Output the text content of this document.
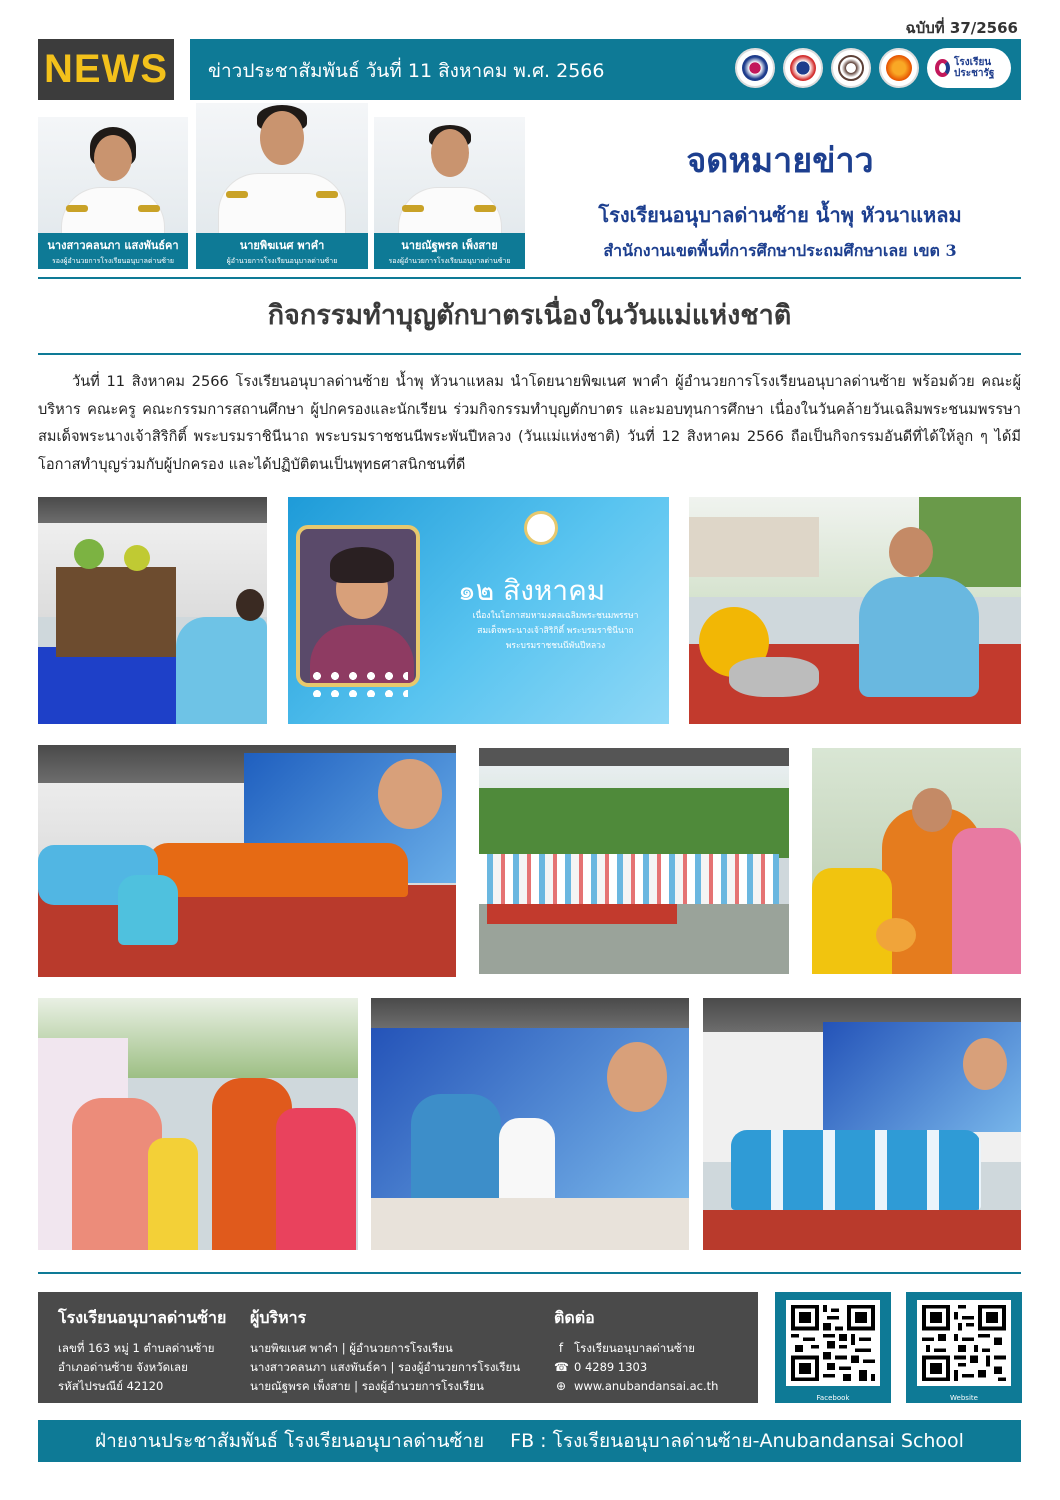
ฉบับที่ 37/2566
NEWS	ข่าวประชาสัมพันธ์ วันที่ 11 สิงหาคม พ.ศ. 2566	โรงเรียน ประชารัฐ
นางสาวคลนภา แสงพันธ์คา
รองผู้อำนวยการโรงเรียนอนุบาลด่านซ้าย
นายพิฆเนศ พาคำ
ผู้อำนวยการโรงเรียนอนุบาลด่านซ้าย
นายณัฐพรค เพ็งสาย
รองผู้อำนวยการโรงเรียนอนุบาลด่านซ้าย
จดหมายข่าว
โรงเรียนอนุบาลด่านซ้าย น้ำพุ หัวนาแหลม
สำนักงานเขตพื้นที่การศึกษาประถมศึกษาเลย เขต 3
กิจกรรมทำบุญตักบาตรเนื่องในวันแม่แห่งชาติ
วันที่ 11 สิงหาคม 2566 โรงเรียนอนุบาลด่านซ้าย น้ำพุ หัวนาแหลม นำโดยนายพิฆเนศ พาคำ ผู้อำนวยการโรงเรียนอนุบาลด่านซ้าย พร้อมด้วย คณะผู้บริหาร คณะครู คณะกรรมการสถานศึกษา ผู้ปกครองและนักเรียน ร่วมกิจกรรมทำบุญตักบาตร และมอบทุนการศึกษา เนื่องในวันคล้ายวันเฉลิมพระชนมพรรษา สมเด็จพระนางเจ้าสิริกิติ์ พระบรมราชินีนาถ พระบรมราชชนนีพระพันปีหลวง (วันแม่แห่งชาติ) วันที่ 12 สิงหาคม 2566 ถือเป็นกิจกรรมอันดีที่ได้ให้ลูก ๆ ได้มีโอกาสทำบุญร่วมกับผู้ปกครอง และได้ปฏิบัติตนเป็นพุทธศาสนิกชนที่ดี
๑๒ สิงหาคม
เนื่องในโอกาสมหามงคลเฉลิมพระชนมพรรษา
สมเด็จพระนางเจ้าสิริกิติ์ พระบรมราชินีนาถ
พระบรมราชชนนีพันปีหลวง
โรงเรียนอนุบาลด่านซ้าย
เลขที่ 163 หมู่ 1 ตำบลด่านซ้าย
อำเภอด่านซ้าย จังหวัดเลย
รหัสไปรษณีย์ 42120
ผู้บริหาร
นายพิฆเนศ พาคำ | ผู้อำนวยการโรงเรียน
นางสาวคลนภา แสงพันธ์คา | รองผู้อำนวยการโรงเรียน
นายณัฐพรค เพ็งสาย | รองผู้อำนวยการโรงเรียน
ติดต่อ
f โรงเรียนอนุบาลด่านซ้าย
☎ 0 4289 1303
⊕ www.anubandansai.ac.th
Facebook	Website
ฝ่ายงานประชาสัมพันธ์ โรงเรียนอนุบาลด่านซ้าย FB : โรงเรียนอนุบาลด่านซ้าย-Anubandansai School
